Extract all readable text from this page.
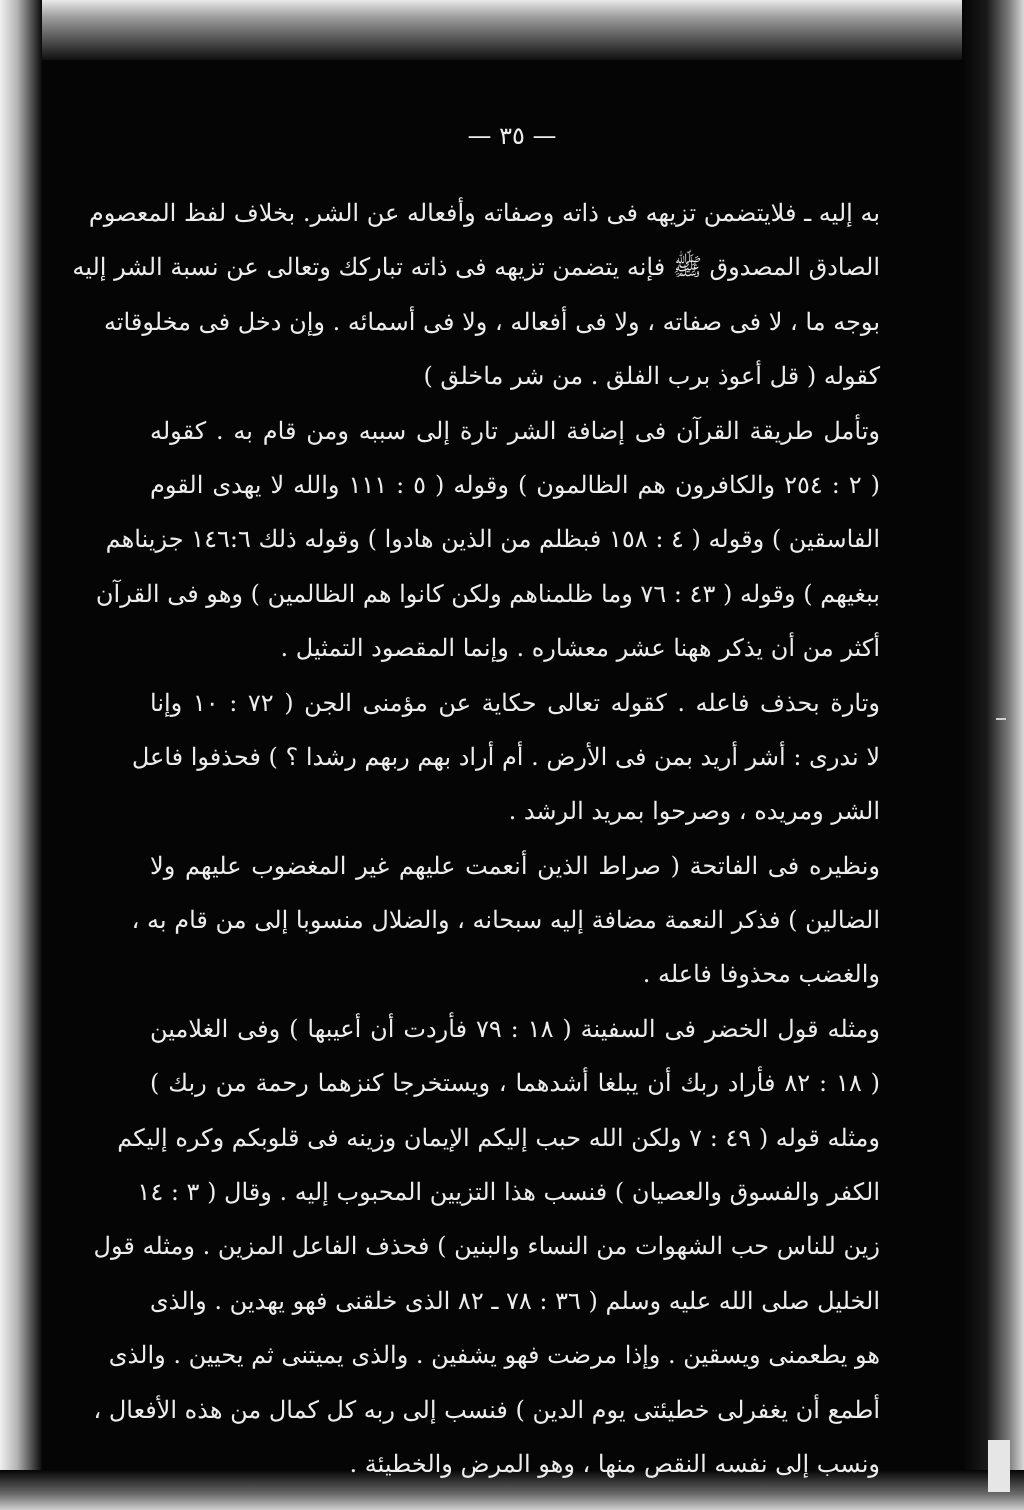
— ٣٥ —
به إليه ـ فلايتضمن تزيهه فى ذاته وصفاته وأفعاله عن الشر. بخلاف لفظ المعصوم
الصادق المصدوق ﷺ فإنه يتضمن تزيهه فى ذاته تباركك وتعالى عن نسبة الشر إليه
بوجه ما ، لا فى صفاته ، ولا فى أفعاله ، ولا فى أسمائه . وإن دخل فى مخلوقاته
كقوله ( قل أعوذ برب الفلق . من شر ماخلق )
وتأمل طريقة القرآن فى إضافة الشر تارة إلى سببه ومن قام به . كقوله
( ٢ : ٢٥٤ والكافرون هم الظالمون ) وقوله ( ٥ : ١١١ والله لا يهدى القوم
الفاسقين ) وقوله ( ٤ : ١٥٨ فبظلم من الذين هادوا ) وقوله ذلك ١٤٦:٦ جزيناهم
ببغيهم ) وقوله ( ٤٣ : ٧٦ وما ظلمناهم ولكن كانوا هم الظالمين ) وهو فى القرآن
أكثر من أن يذكر ههنا عشر معشاره . وإنما المقصود التمثيل .
وتارة بحذف فاعله . كقوله تعالى حكاية عن مؤمنى الجن ( ٧٢ : ١٠ وإنا
لا ندرى : أشر أريد بمن فى الأرض . أم أراد بهم ربهم رشدا ؟ ) فحذفوا فاعل
الشر ومريده ، وصرحوا بمريد الرشد .
ونظيره فى الفاتحة ( صراط الذين أنعمت عليهم غير المغضوب عليهم ولا
الضالين ) فذكر النعمة مضافة إليه سبحانه ، والضلال منسوبا إلى من قام به ،
والغضب محذوفا فاعله .
ومثله قول الخضر فى السفينة ( ١٨ : ٧٩ فأردت أن أعيبها ) وفى الغلامين
( ١٨ : ٨٢ فأراد ربك أن يبلغا أشدهما ، ويستخرجا كنزهما رحمة من ربك )
ومثله قوله ( ٤٩ : ٧ ولكن الله حبب إليكم الإيمان وزينه فى قلوبكم وكره إليكم
الكفر والفسوق والعصيان ) فنسب هذا التزيين المحبوب إليه . وقال ( ٣ : ١٤
زين للناس حب الشهوات من النساء والبنين ) فحذف الفاعل المزين . ومثله قول
الخليل صلى الله عليه وسلم ( ٣٦ : ٧٨ ـ ٨٢ الذى خلقنى فهو يهدين . والذى
هو يطعمنى ويسقين . وإذا مرضت فهو يشفين . والذى يميتنى ثم يحيين . والذى
أطمع أن يغفرلى خطيئتى يوم الدين ) فنسب إلى ربه كل كمال من هذه الأفعال ،
ونسب إلى نفسه النقص منها ، وهو المرض والخطيئة .
